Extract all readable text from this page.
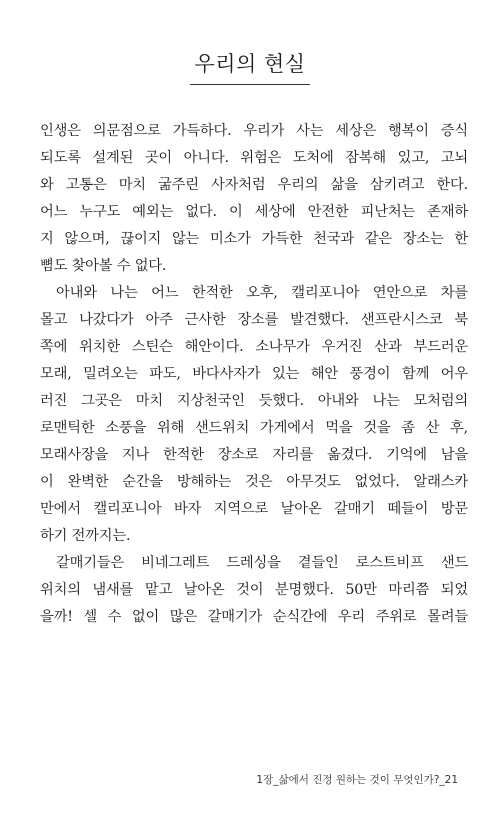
우리의 현실
인생은 의문점으로 가득하다. 우리가 사는 세상은 행복이 증식
되도록 설계된 곳이 아니다. 위험은 도처에 잠복해 있고, 고뇌
와 고통은 마치 굶주린 사자처럼 우리의 삶을 삼키려고 한다.
어느 누구도 예외는 없다. 이 세상에 안전한 피난처는 존재하
지 않으며, 끊이지 않는 미소가 가득한 천국과 같은 장소는 한
뼘도 찾아볼 수 없다.
아내와 나는 어느 한적한 오후, 캘리포니아 연안으로 차를
몰고 나갔다가 아주 근사한 장소를 발견했다. 샌프란시스코 북
쪽에 위치한 스틴슨 해안이다. 소나무가 우거진 산과 부드러운
모래, 밀려오는 파도, 바다사자가 있는 해안 풍경이 함께 어우
러진 그곳은 마치 지상천국인 듯했다. 아내와 나는 모처럼의
로맨틱한 소풍을 위해 샌드위치 가게에서 먹을 것을 좀 산 후,
모래사장을 지나 한적한 장소로 자리를 옮겼다. 기억에 남을
이 완벽한 순간을 방해하는 것은 아무것도 없었다. 알래스카
만에서 캘리포니아 바자 지역으로 날아온 갈매기 떼들이 방문
하기 전까지는.
갈매기들은 비네그레트 드레싱을 곁들인 로스트비프 샌드
위치의 냄새를 맡고 날아온 것이 분명했다. 50만 마리쯤 되었
을까! 셀 수 없이 많은 갈매기가 순식간에 우리 주위로 몰려들
1장_삶에서 진정 원하는 것이 무엇인가?_21
